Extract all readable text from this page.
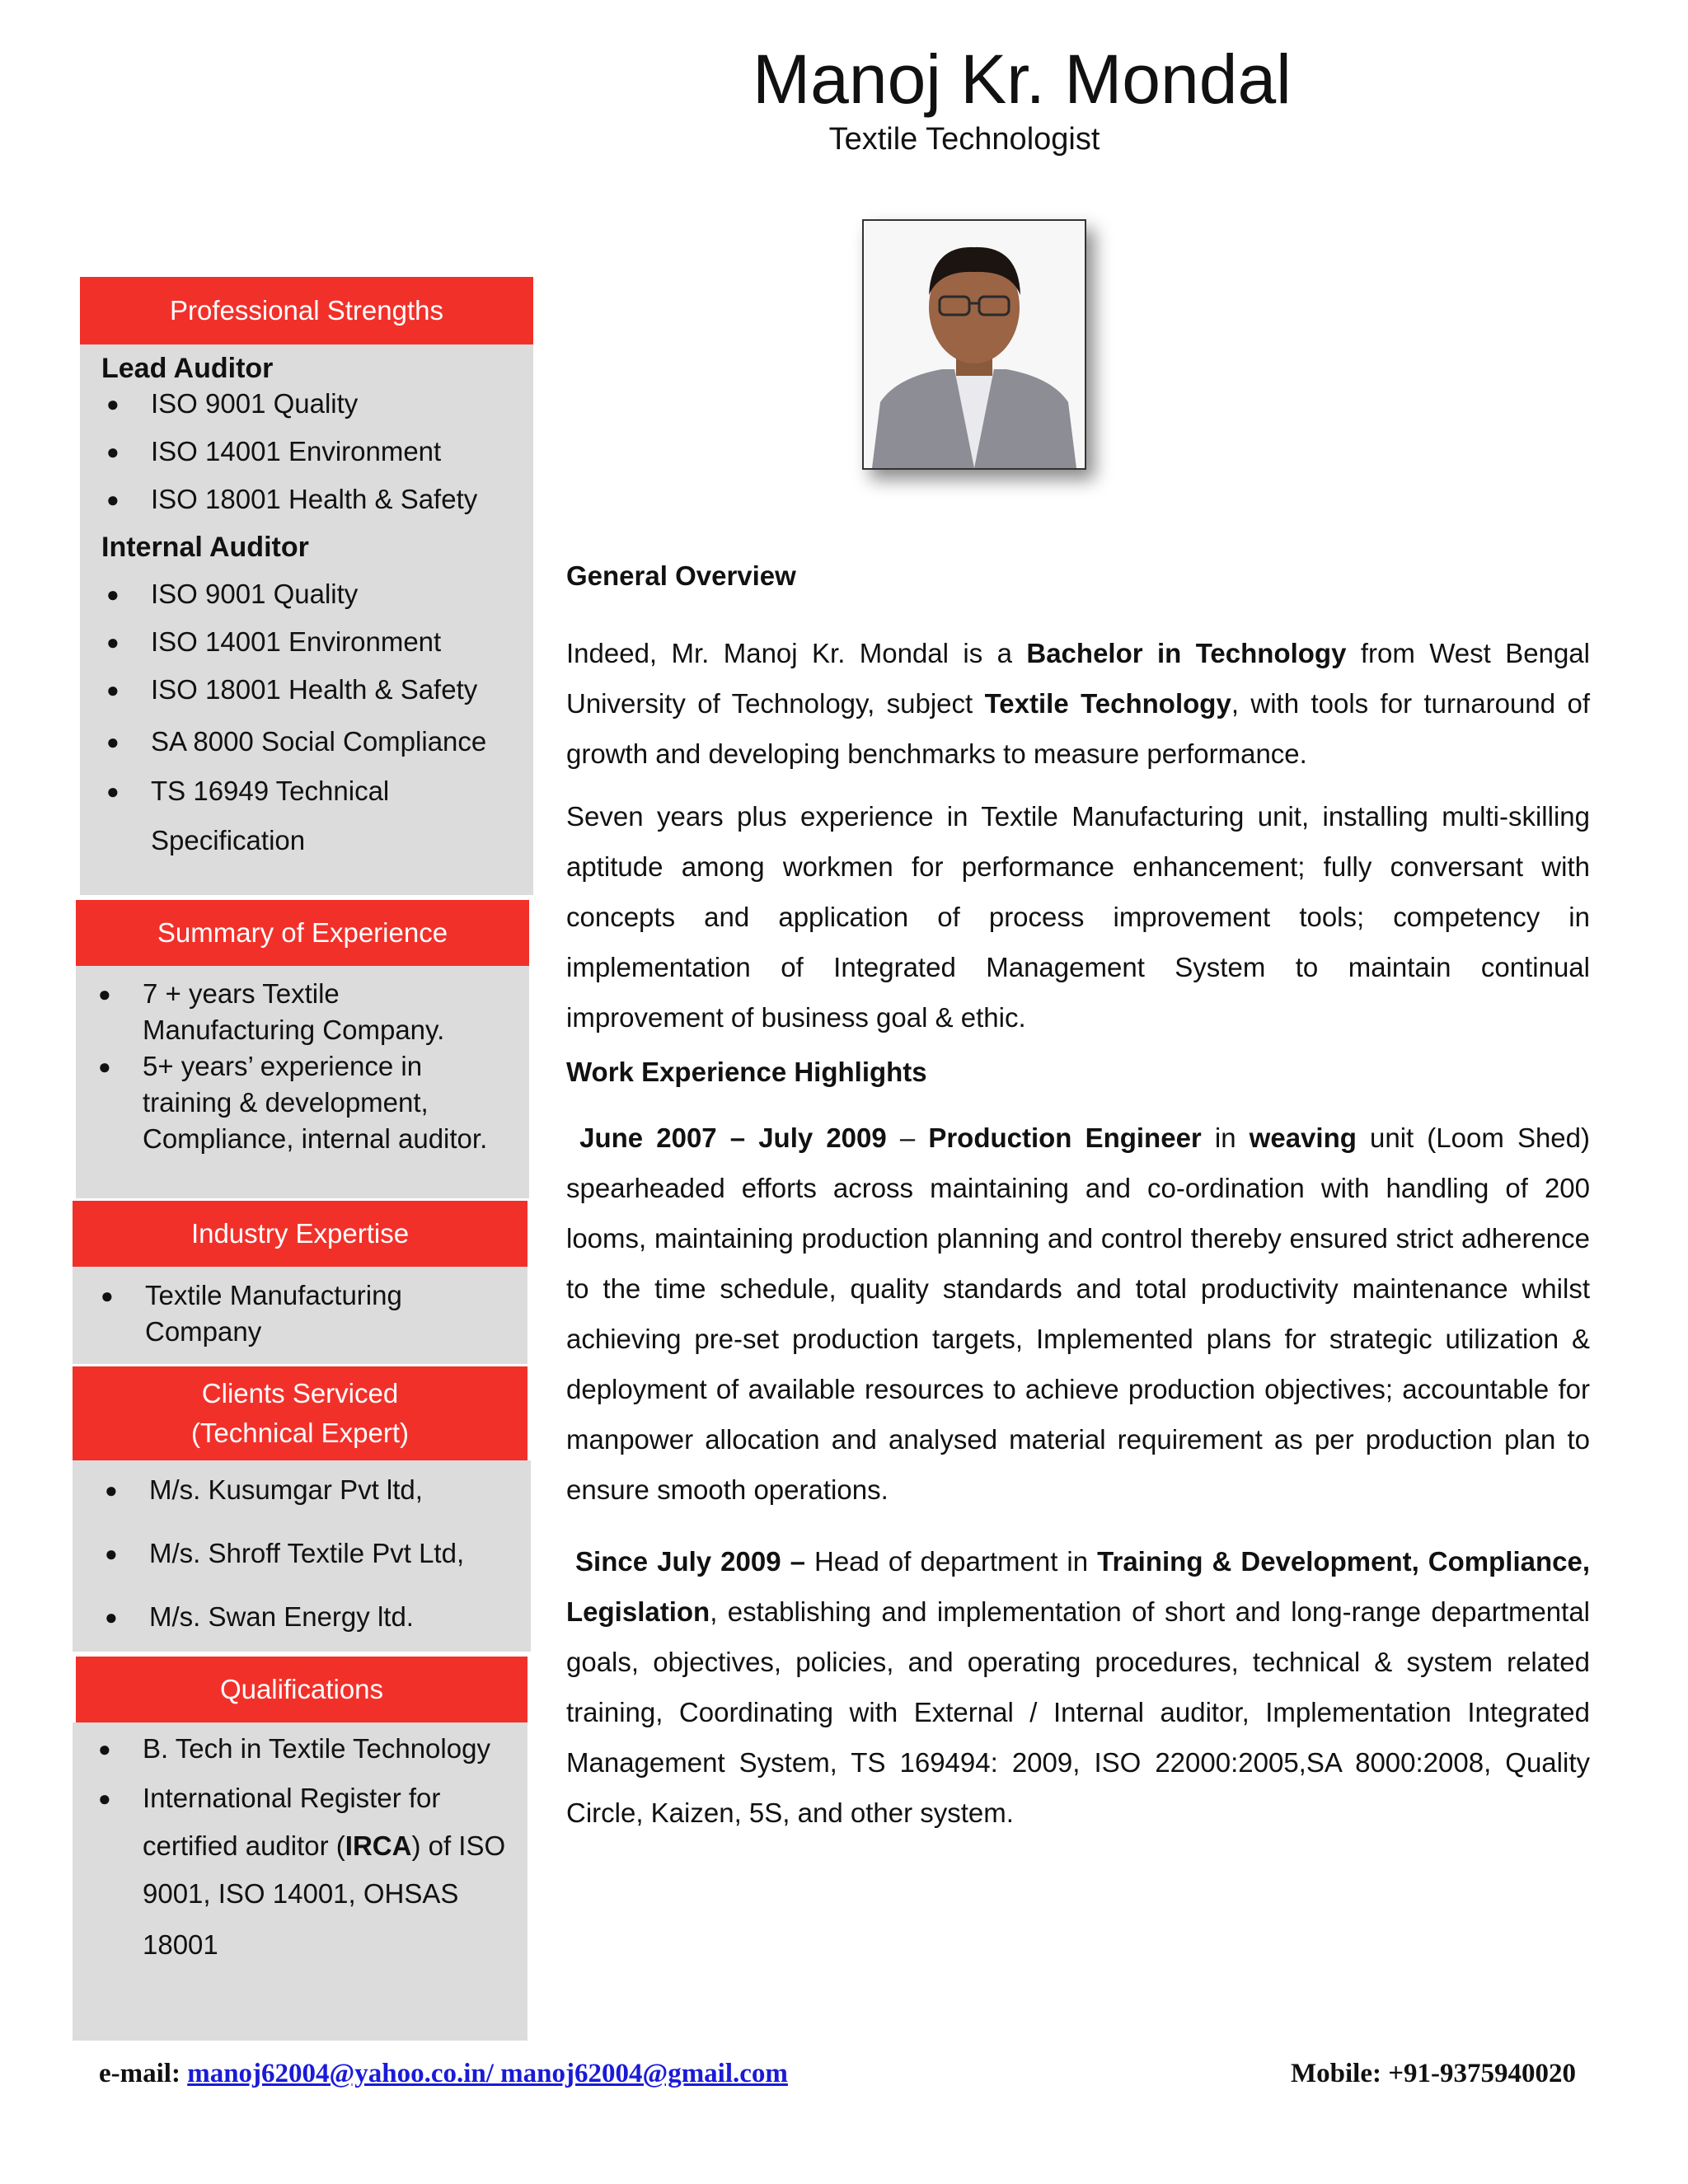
Manoj Kr. Mondal
Textile Technologist
Professional Strengths
Lead Auditor
● ISO 9001 Quality
● ISO 14001 Environment
● ISO 18001 Health & Safety
Internal Auditor
● ISO 9001 Quality
● ISO 14001 Environment
● ISO 18001 Health & Safety
● SA 8000 Social Compliance
● TS 16949 Technical
Specification
Summary of Experience
● 7 + years Textile
Manufacturing Company.
● 5+ years’ experience in
training & development,
Compliance, internal auditor.
Industry Expertise
● Textile Manufacturing
Company
Clients Serviced
(Technical Expert)
● M/s. Kusumgar Pvt ltd,
● M/s. Shroff Textile Pvt Ltd,
● M/s. Swan Energy ltd.
Qualifications
● B. Tech in Textile Technology
● International Register for
certified auditor (IRCA) of ISO
9001, ISO 14001, OHSAS
18001
General Overview
Indeed, Mr. Manoj Kr. Mondal is a Bachelor in Technology from West Bengal University of Technology, subject Textile Technology, with tools for turnaround of growth and developing benchmarks to measure performance.
Seven years plus experience in Textile Manufacturing unit, installing multi-skilling aptitude among workmen for performance enhancement; fully conversant with concepts and application of process improvement tools; competency in implementation of Integrated Management System to maintain continual improvement of business goal & ethic.
Work Experience Highlights
June 2007 – July 2009 – Production Engineer in weaving unit (Loom Shed) spearheaded efforts across maintaining and co-ordination with handling of 200 looms, maintaining production planning and control thereby ensured strict adherence to the time schedule, quality standards and total productivity maintenance whilst achieving pre-set production targets, Implemented plans for strategic utilization & deployment of available resources to achieve production objectives; accountable for manpower allocation and analysed material requirement as per production plan to ensure smooth operations.
Since July 2009 – Head of department in Training & Development, Compliance, Legislation, establishing and implementation of short and long-range departmental goals, objectives, policies, and operating procedures, technical & system related training, Coordinating with External / Internal auditor, Implementation Integrated Management System, TS 169494: 2009, ISO 22000:2005,SA 8000:2008, Quality Circle, Kaizen, 5S, and other system.
e-mail: manoj62004@yahoo.co.in/ manoj62004@gmail.com	Mobile: +91-9375940020
